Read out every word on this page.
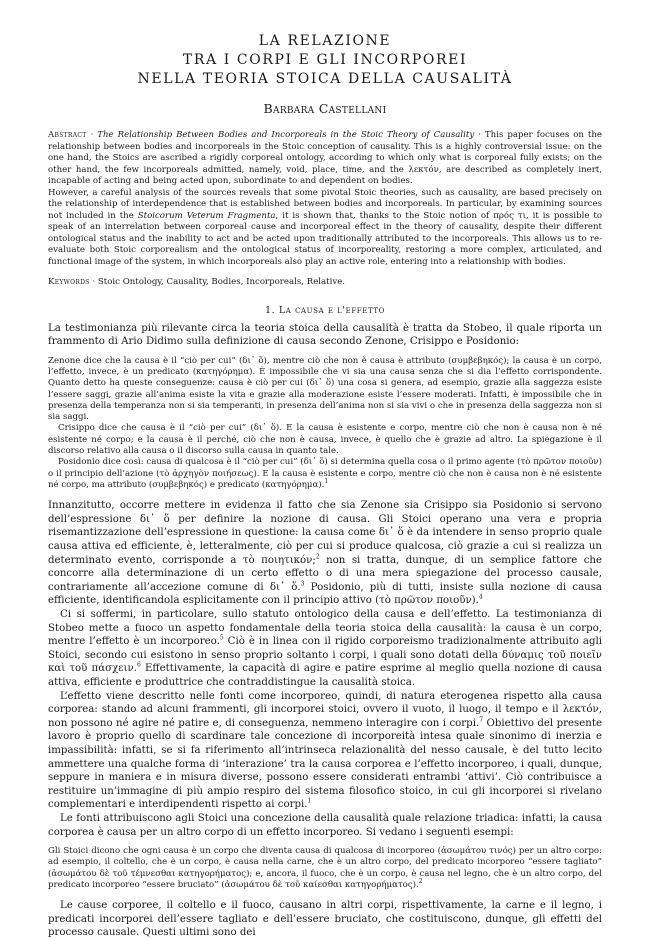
LA RELAZIONE
TRA I CORPI E GLI INCORPOREI
NELLA TEORIA STOICA DELLA CAUSALITÀ
Barbara Castellani

Abstract · The Relationship Between Bodies and Incorporeals in the Stoic Theory of Causality · This paper focuses on the relationship between bodies and incorporeals in the Stoic conception of causality. This is a highly controversial issue: on the one hand, the Stoics are ascribed a rigidly corporeal ontology, according to which only what is corporeal fully exists; on the other hand, the few incorporeals admitted, namely, void, place, time, and the λεκτόν, are described as completely inert, incapable of acting and being acted upon, subordinate to and dependent on bodies.

However, a careful analysis of the sources reveals that some pivotal Stoic theories, such as causality, are based precisely on the relationship of interdependence that is established between bodies and incorporeals. In particular, by examining sources not included in the Stoicorum Veterum Fragmenta, it is shown that, thanks to the Stoic notion of πρός τι, it is possible to speak of an interrelation between corporeal cause and incorporeal effect in the theory of causality, despite their different ontological status and the inability to act and be acted upon traditionally attributed to the incorporeals. This allows us to re-evaluate both Stoic corporealism and the ontological status of incorporeality, restoring a more complex, articulated, and functional image of the system, in which incorporeals also play an active role, entering into a relationship with bodies.

Keywords · Stoic Ontology, Causality, Bodies, Incorporeals, Relative.
1. La causa e l'effetto

La testimonianza più rilevante circa la teoria stoica della causalità è tratta da Stobeo, il quale riporta un frammento di Ario Didimo sulla definizione di causa secondo Zenone, Crisippo e Posidonio:

Zenone dice che la causa è il “ciò per cui” (δι᾽ ὅ), mentre ciò che non è causa è attributo (συμβεβηκός); la causa è un corpo, l’effetto, invece, è un predicato (κατηγόρημα). È impossibile che vi sia una causa senza che si dia l’effetto corrispondente. Quanto detto ha queste conseguenze: causa è ciò per cui (δι᾽ ὅ) una cosa si genera, ad esempio, grazie alla saggezza esiste l’essere saggi, grazie all’anima esiste la vita e grazie alla moderazione esiste l’essere moderati. Infatti, è impossibile che in presenza della temperanza non si sia temperanti, in presenza dell’anima non si sia vivi o che in presenza della saggezza non si sia saggi.

Crisippo dice che causa è il “ciò per cui” (δι᾽ ὅ). E la causa è esistente e corpo, mentre ciò che non è causa non è né esistente né corpo; e la causa è il perché, ciò che non è causa, invece, è quello che è grazie ad altro. La spiegazione è il discorso relativo alla causa o il discorso sulla causa in quanto tale.

Posidonio dice così: causa di qualcosa è il “ciò per cui” (δι᾽ ὅ) si determina quella cosa o il primo agente (τὸ πρῶτον ποιοῦν) o il principio dell’azione (τὸ ἀρχηγὸν ποιήσεως). E la causa è esistente e corpo, mentre ciò che non è causa non è né esistente né corpo, ma attributo (συμβεβηκός) e predicato (κατηγόρημα).$^1$

Innanzitutto, occorre mettere in evidenza il fatto che sia Zenone sia Crisippo sia Posidonio si servono dell’espressione δι᾽ ὅ per definire la nozione di causa. Gli Stoici operano una vera e propria risemantizzazione dell’espressione in questione: la causa come δι᾽ ὅ è da intendere in senso proprio quale causa attiva ed efficiente, è, letteralmente, ciò per cui si produce qualcosa, ciò grazie a cui si realizza un determinato evento, corrisponde a τὸ ποιητικόν;$^2$ non si tratta, dunque, di un semplice fattore che concorre alla determinazione di un certo effetto o di una mera spiegazione del processo causale, contrariamente all’accezione comune di δι᾽ ὅ.$^3$ Posidonio, più di tutti, insiste sulla nozione di causa efficiente, identificandola esplicitamente con il principio attivo (τὸ πρῶτον ποιοῦν).$^4$

Ci si soffermi, in particolare, sullo statuto ontologico della causa e dell’effetto. La testimonianza di Stobeo mette a fuoco un aspetto fondamentale della teoria stoica della causalità: la causa è un corpo, mentre l’effetto è un incorporeo.$^5$ Ciò è in linea con il rigido corporeismo tradizionalmente attribuito agli Stoici, secondo cui esistono in senso proprio soltanto i corpi, i quali sono dotati della δύναμις τοῦ ποιεῖν καὶ τοῦ πάσχειν.$^6$ Effettivamente, la capacità di agire e patire esprime al meglio quella nozione di causa attiva, efficiente e produttrice che contraddistingue la causalità stoica.

L’effetto viene descritto nelle fonti come incorporeo, quindi, di natura eterogenea rispetto alla causa corporea: stando ad alcuni frammenti, gli incorporei stoici, ovvero il vuoto, il luogo, il tempo e il λεκτόν, non possono né agire né patire e, di conseguenza, nemmeno interagire con i corpi.$^7$ Obiettivo del presente lavoro è proprio quello di scardinare tale concezione di incorporeità intesa quale sinonimo di inerzia e impassibilità: infatti, se si fa riferimento all’intrinseca relazionalità del nesso causale, è del tutto lecito ammettere una qualche forma di ‘interazione’ tra la causa corporea e l’effetto incorporeo, i quali, dunque, seppure in maniera e in misura diverse, possono essere considerati entrambi ‘attivi’. Ciò contribuisce a restituire un’immagine di più ampio respiro del sistema filosofico stoico, in cui gli incorporei si rivelano complementari e interdipendenti rispetto ai corpi.$^1$

Le fonti attribuiscono agli Stoici una concezione della causalità quale relazione triadica: infatti, la causa corporea è causa per un altro corpo di un effetto incorporeo. Si vedano i seguenti esempi:

Gli Stoici dicono che ogni causa è un corpo che diventa causa di qualcosa di incorporeo (ἀσωμάτου τινός) per un altro corpo: ad esempio, il coltello, che è un corpo, è causa nella carne, che è un altro corpo, del predicato incorporeo “essere tagliato” (ἀσωμάτου δὲ τοῦ τέμνεσθαι κατηγορήματος); e, ancora, il fuoco, che è un corpo, è causa nel legno, che è un altro corpo, del predicato incorporeo “essere bruciato” (ἀσωμάτου δὲ τοῦ καίεσθαι κατηγορήματος).$^2$

Le cause corporee, il coltello e il fuoco, causano in altri corpi, rispettivamente, la carne e il legno, i predicati incorporei dell’essere tagliato e dell’essere bruciato, che costituiscono, dunque, gli effetti del processo causale. Questi ultimi sono dei
